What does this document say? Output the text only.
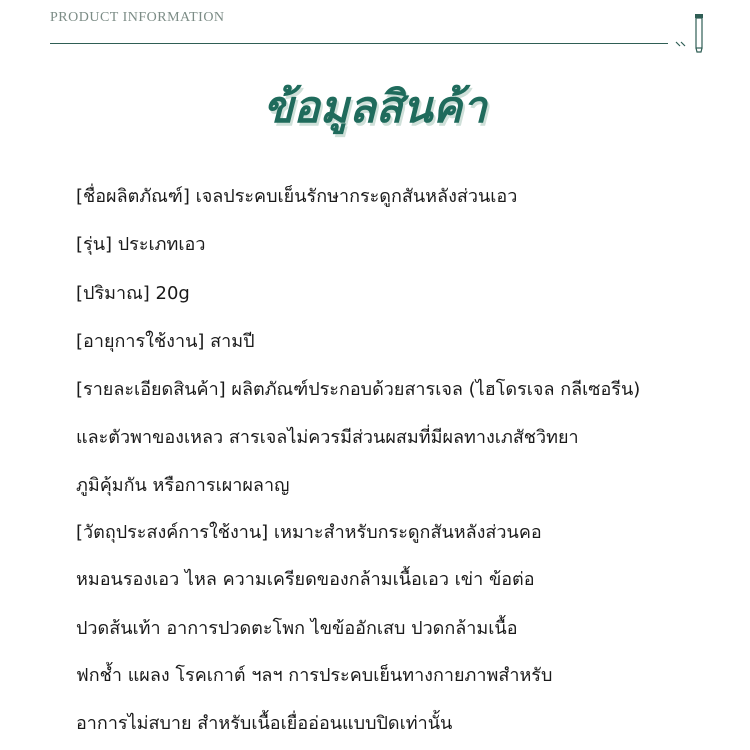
PRODUCT INFORMATION
ข้อมูลสินค้า
[ชื่อผลิตภัณฑ์] เจลประคบเย็นรักษากระดูกสันหลังส่วนเอว
[รุ่น] ประเภทเอว
[ปริมาณ] 20g
[อายุการใช้งาน] สามปี
[รายละเอียดสินค้า] ผลิตภัณฑ์ประกอบด้วยสารเจล (ไฮโดรเจล กลีเซอรีน)
และตัวพาของเหลว สารเจลไม่ควรมีส่วนผสมที่มีผลทางเภสัชวิทยา
ภูมิคุ้มกัน หรือการเผาผลาญ
[วัตถุประสงค์การใช้งาน] เหมาะสำหรับกระดูกสันหลังส่วนคอ
หมอนรองเอว ไหล ความเครียดของกล้ามเนื้อเอว เข่า ข้อต่อ
ปวดส้นเท้า อาการปวดตะโพก ไขข้ออักเสบ ปวดกล้ามเนื้อ
ฟกช้ำ แผลง โรคเกาต์ ฯลฯ การประคบเย็นทางกายภาพสำหรับ
อาการไม่สบาย สำหรับเนื้อเยื่ออ่อนแบบปิดเท่านั้น
